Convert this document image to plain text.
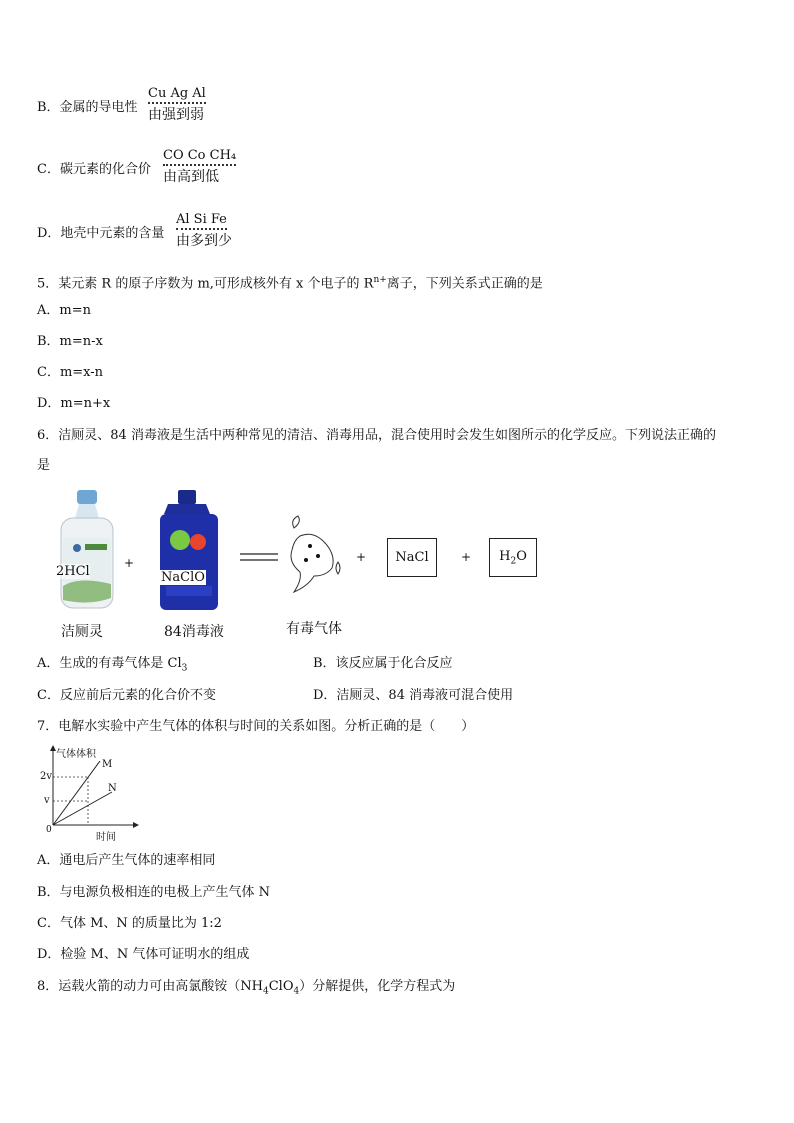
B．金属的导电性
Cu Ag Al
由强到弱
C．碳元素的化合价
CO Co CH₄
由高到低
D．地壳中元素的含量
Al Si Fe
由多到少
5．某元素 R 的原子序数为 m,可形成核外有 x 个电子的 $R^{n+}$离子，下列关系式正确的是
A．m=n
B．m=n-x
C．m=x-n
D．m=n+x
6．洁厕灵、84 消毒液是生活中两种常见的清洁、消毒用品，混合使用时会发生如图所示的化学反应。下列说法正确的
是
2HCl
洁厕灵
+
NaClO
84消毒液	有毒气体
+ NaCl	+ $H_2O$
A．生成的有毒气体是 $Cl_3$	B．该反应属于化合反应
C．反应前后元素的化合价不变	D．洁厕灵、84 消毒液可混合使用
7．电解水实验中产生气体的体积与时间的关系如图。分析正确的是（　　）
气体体积
2v
v
0
M
N
时间
A．通电后产生气体的速率相同
B．与电源负极相连的电极上产生气体 N
C．气体 M、N 的质量比为 1:2
D．检验 M、N 气体可证明水的组成
8．运载火箭的动力可由高氯酸铵$(NH_4ClO_4)$分解提供，化学方程式为
